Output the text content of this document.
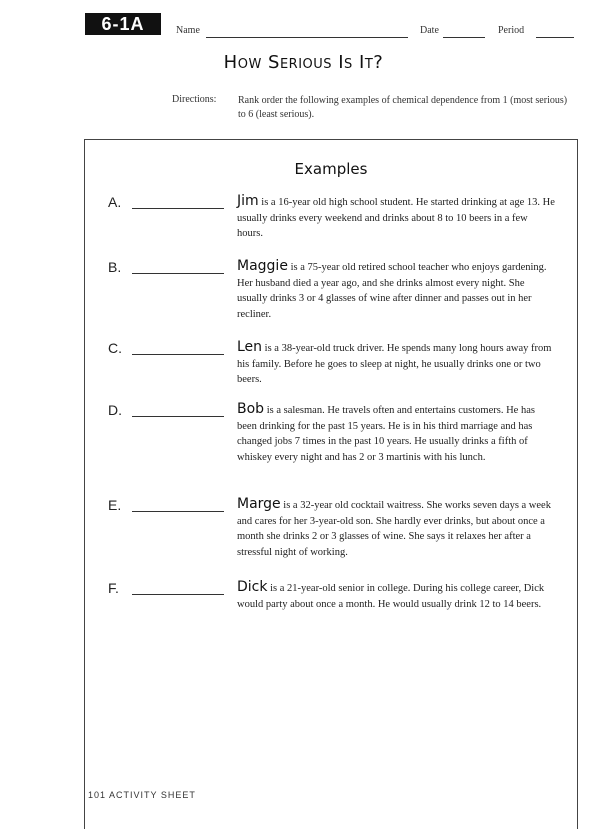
6-1A	Name	Date	Period
How Serious Is It?
Directions: Rank order the following examples of chemical dependence from 1 (most serious) to 6 (least serious).
Examples
A.	Jim is a 16-year old high school student. He started drinking at age 13. He usually drinks every weekend and drinks about 8 to 10 beers in a few hours.
B.	Maggie is a 75-year old retired school teacher who enjoys gardening. Her husband died a year ago, and she drinks almost every night. She usually drinks 3 or 4 glasses of wine after dinner and passes out in her recliner.
C.	Len is a 38-year-old truck driver. He spends many long hours away from his family. Before he goes to sleep at night, he usually drinks one or two beers.
D.	Bob is a salesman. He travels often and entertains customers. He has been drinking for the past 15 years. He is in his third marriage and has changed jobs 7 times in the past 10 years. He usually drinks a fifth of whiskey every night and has 2 or 3 martinis with his lunch.
E.	Marge is a 32-year old cocktail waitress. She works seven days a week and cares for her 3-year-old son. She hardly ever drinks, but about once a month she drinks 2 or 3 glasses of wine. She says it relaxes her after a stressful night of working.
F.	Dick is a 21-year-old senior in college. During his college career, Dick would party about once a month. He would usually drink 12 to 14 beers.
101 ACTIVITY SHEET
